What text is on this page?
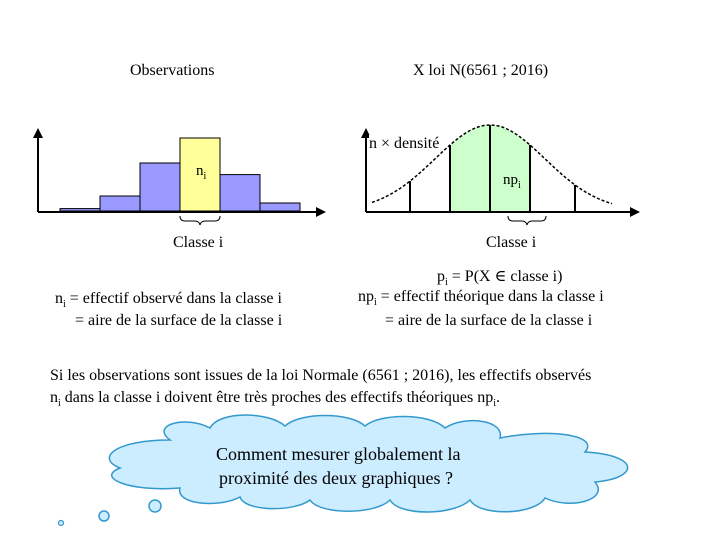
Observations	X loi N(6561 ; 2016)
$n_i$
Classe i
$n_i$ = effectif observé dans la classe i
= aire de la surface de la classe i
n × densité
$np_i$
Classe i
$p_i = P(X$ ∈ classe i)
$np_i$ = effectif théorique dans la classe i
= aire de la surface de la classe i
Si les observations sont issues de la loi Normale (6561 ; 2016), les effectifs observés
$n_i$ dans la classe i doivent être très proches des effectifs théoriques $np_i$.
Comment mesurer globalement la
proximité des deux graphiques ?
